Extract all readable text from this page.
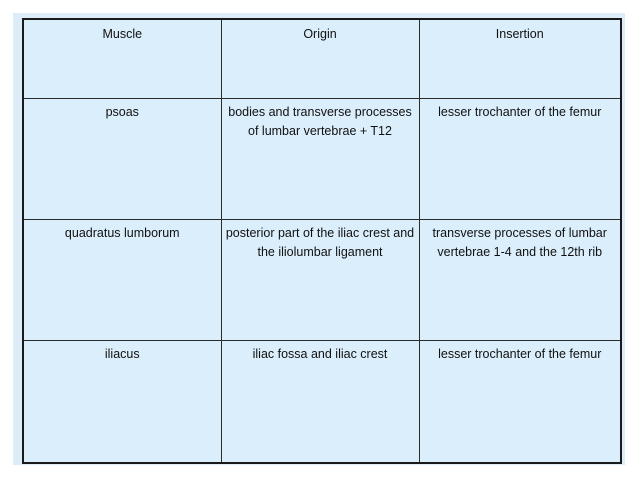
Muscle	Origin	Insertion
psoas	bodies and transverse processes of lumbar vertebrae + T12	lesser trochanter of the femur
quadratus lumborum	posterior part of the iliac crest and the iliolumbar ligament	transverse processes of lumbar vertebrae 1-4 and the 12th rib
iliacus	iliac fossa and iliac crest	lesser trochanter of the femur
